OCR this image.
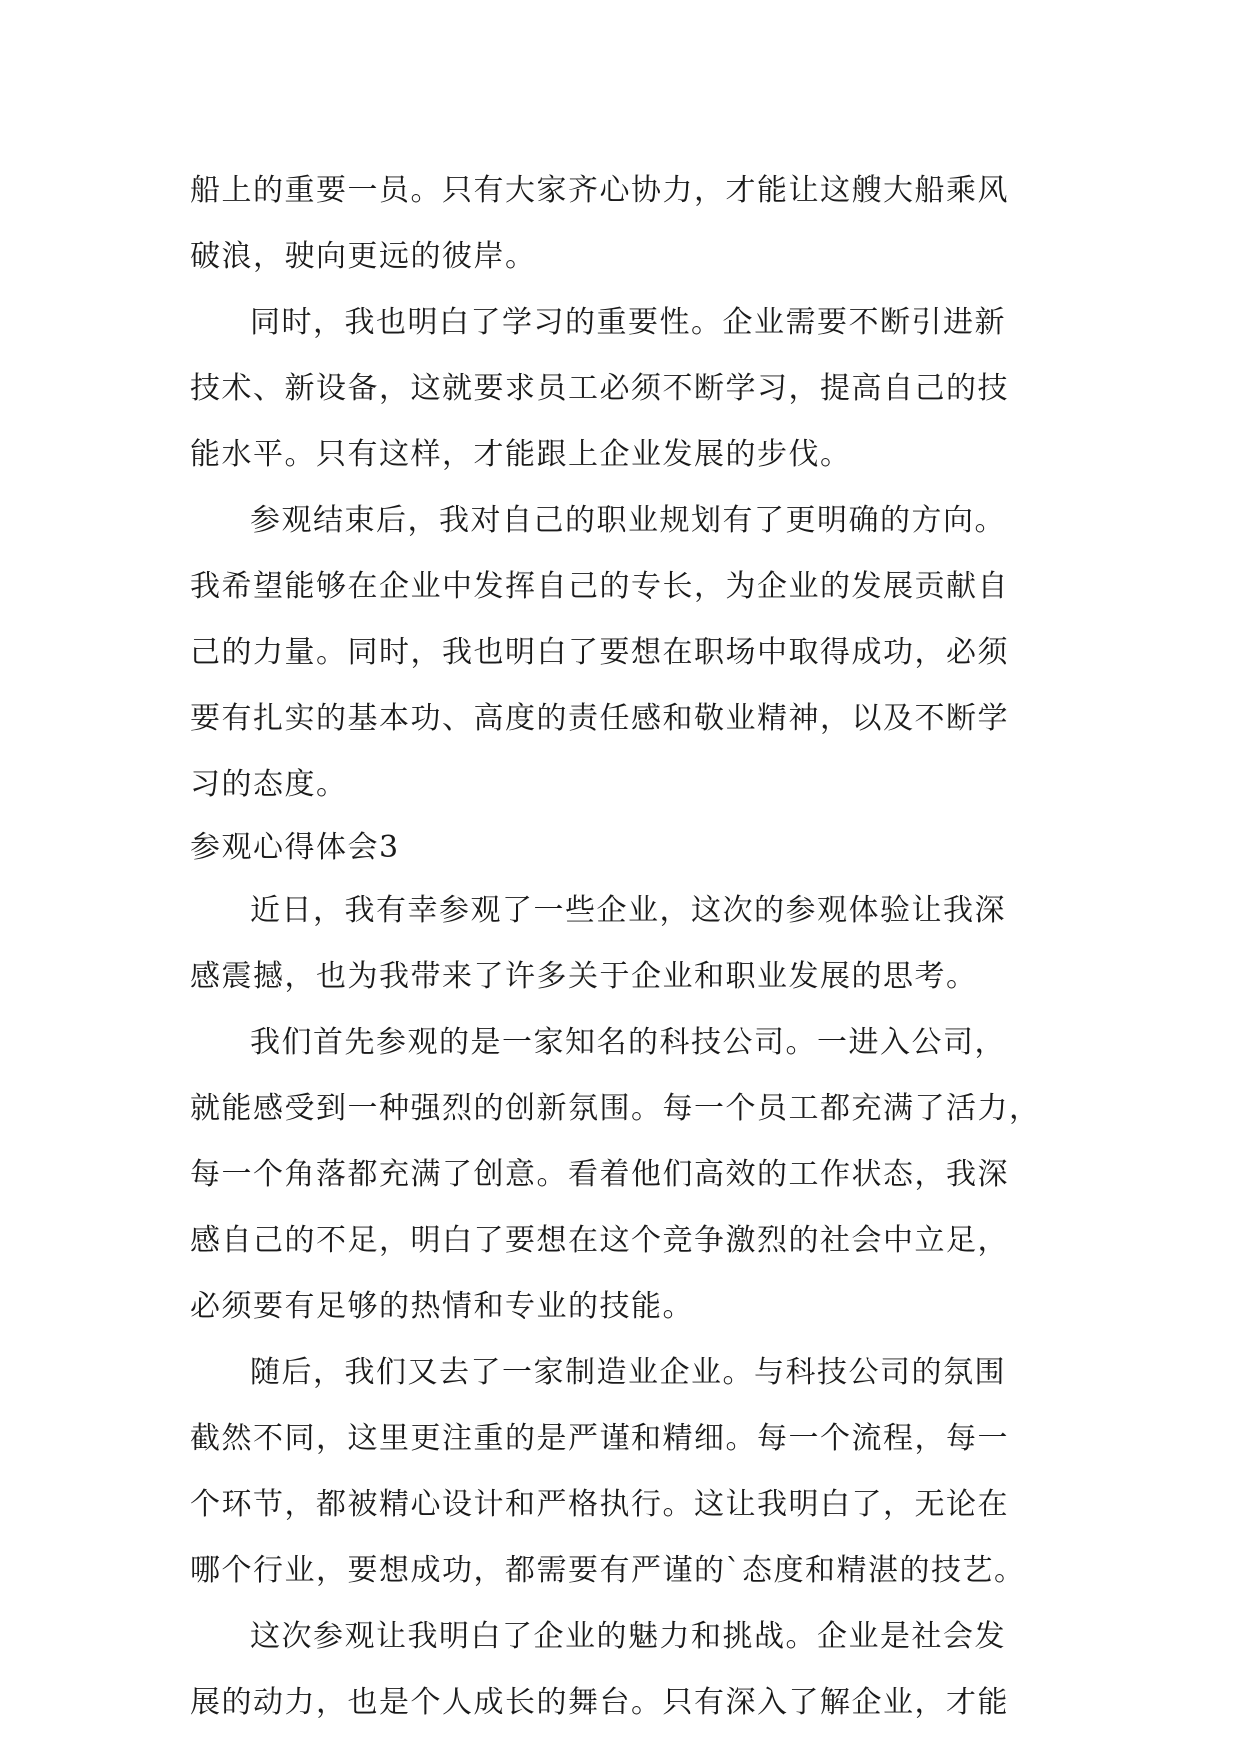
船上的重要一员。只有大家齐心协力，才能让这艘大船乘风
破浪，驶向更远的彼岸。
同时，我也明白了学习的重要性。企业需要不断引进新
技术、新设备，这就要求员工必须不断学习，提高自己的技
能水平。只有这样，才能跟上企业发展的步伐。
参观结束后，我对自己的职业规划有了更明确的方向。
我希望能够在企业中发挥自己的专长，为企业的发展贡献自
己的力量。同时，我也明白了要想在职场中取得成功，必须
要有扎实的基本功、高度的责任感和敬业精神，以及不断学
习的态度。
参观心得体会3
近日，我有幸参观了一些企业，这次的参观体验让我深
感震撼，也为我带来了许多关于企业和职业发展的思考。
我们首先参观的是一家知名的科技公司。一进入公司，
就能感受到一种强烈的创新氛围。每一个员工都充满了活力，
每一个角落都充满了创意。看着他们高效的工作状态，我深
感自己的不足，明白了要想在这个竞争激烈的社会中立足，
必须要有足够的热情和专业的技能。
随后，我们又去了一家制造业企业。与科技公司的氛围
截然不同，这里更注重的是严谨和精细。每一个流程，每一
个环节，都被精心设计和严格执行。这让我明白了，无论在
哪个行业，要想成功，都需要有严谨的`态度和精湛的技艺。
这次参观让我明白了企业的魅力和挑战。企业是社会发
展的动力，也是个人成长的舞台。只有深入了解企业，才能
